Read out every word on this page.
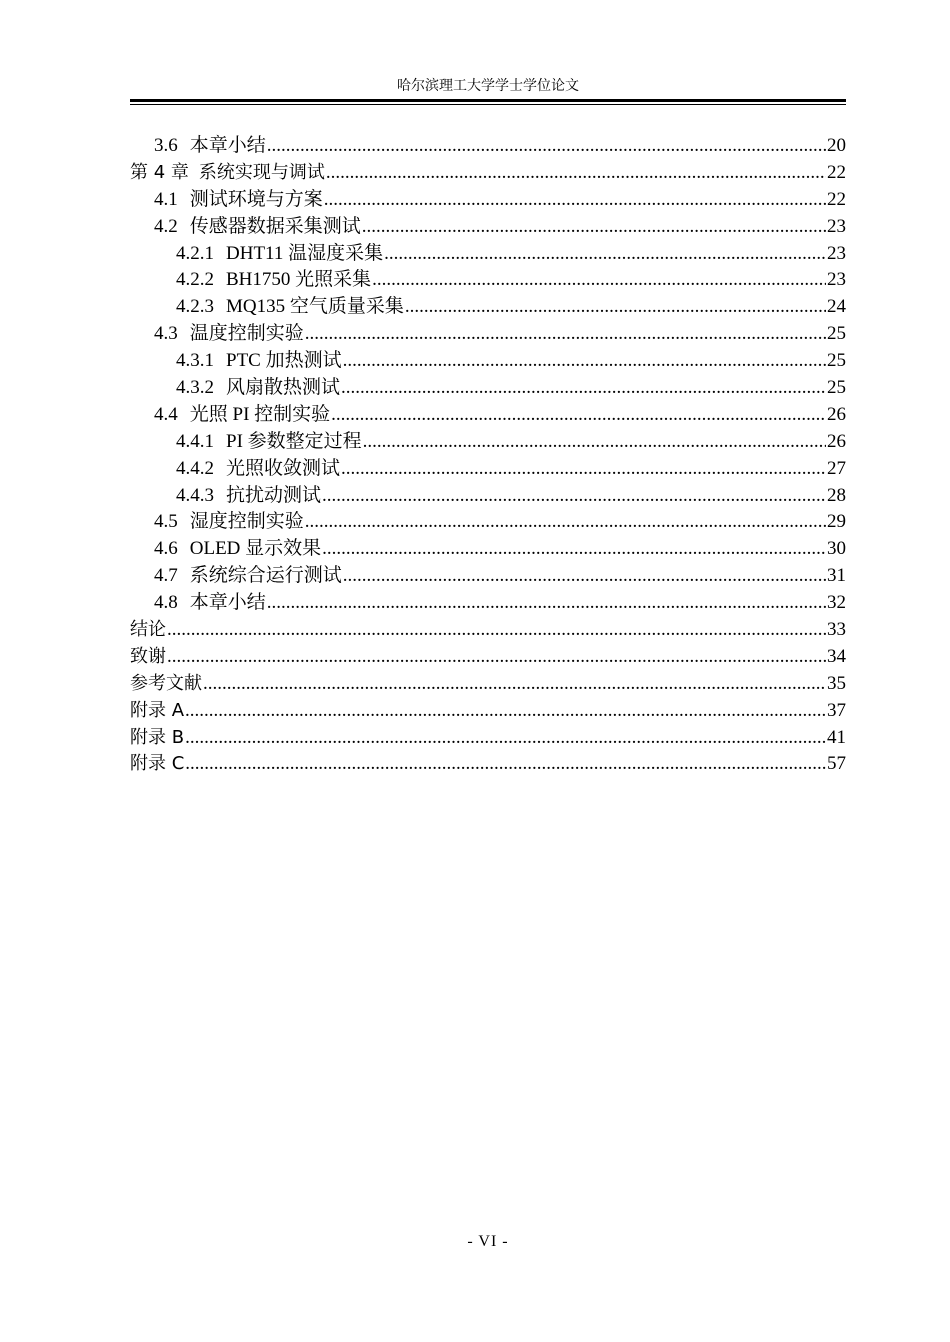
哈尔滨理工大学学士学位论文
3.6 本章小结 .....	20
第 4 章 系统实现与调试 .....	22
4.1 测试环境与方案 .....	22
4.2 传感器数据采集测试 .....	23
4.2.1 DHT11 温湿度采集 .....	23
4.2.2 BH1750 光照采集 .....	23
4.2.3 MQ135 空气质量采集 .....	24
4.3 温度控制实验 .....	25
4.3.1 PTC 加热测试 .....	25
4.3.2 风扇散热测试 .....	25
4.4 光照 PI 控制实验 .....	26
4.4.1 PI 参数整定过程 .....	26
4.4.2 光照收敛测试 .....	27
4.4.3 抗扰动测试 .....	28
4.5 湿度控制实验 .....	29
4.6 OLED 显示效果 .....	30
4.7 系统综合运行测试 .....	31
4.8 本章小结 .....	32
结论 .....	33
致谢 .....	34
参考文献 .....	35
附录 A .....	37
附录 B .....	41
附录 C .....	57
- VI -
